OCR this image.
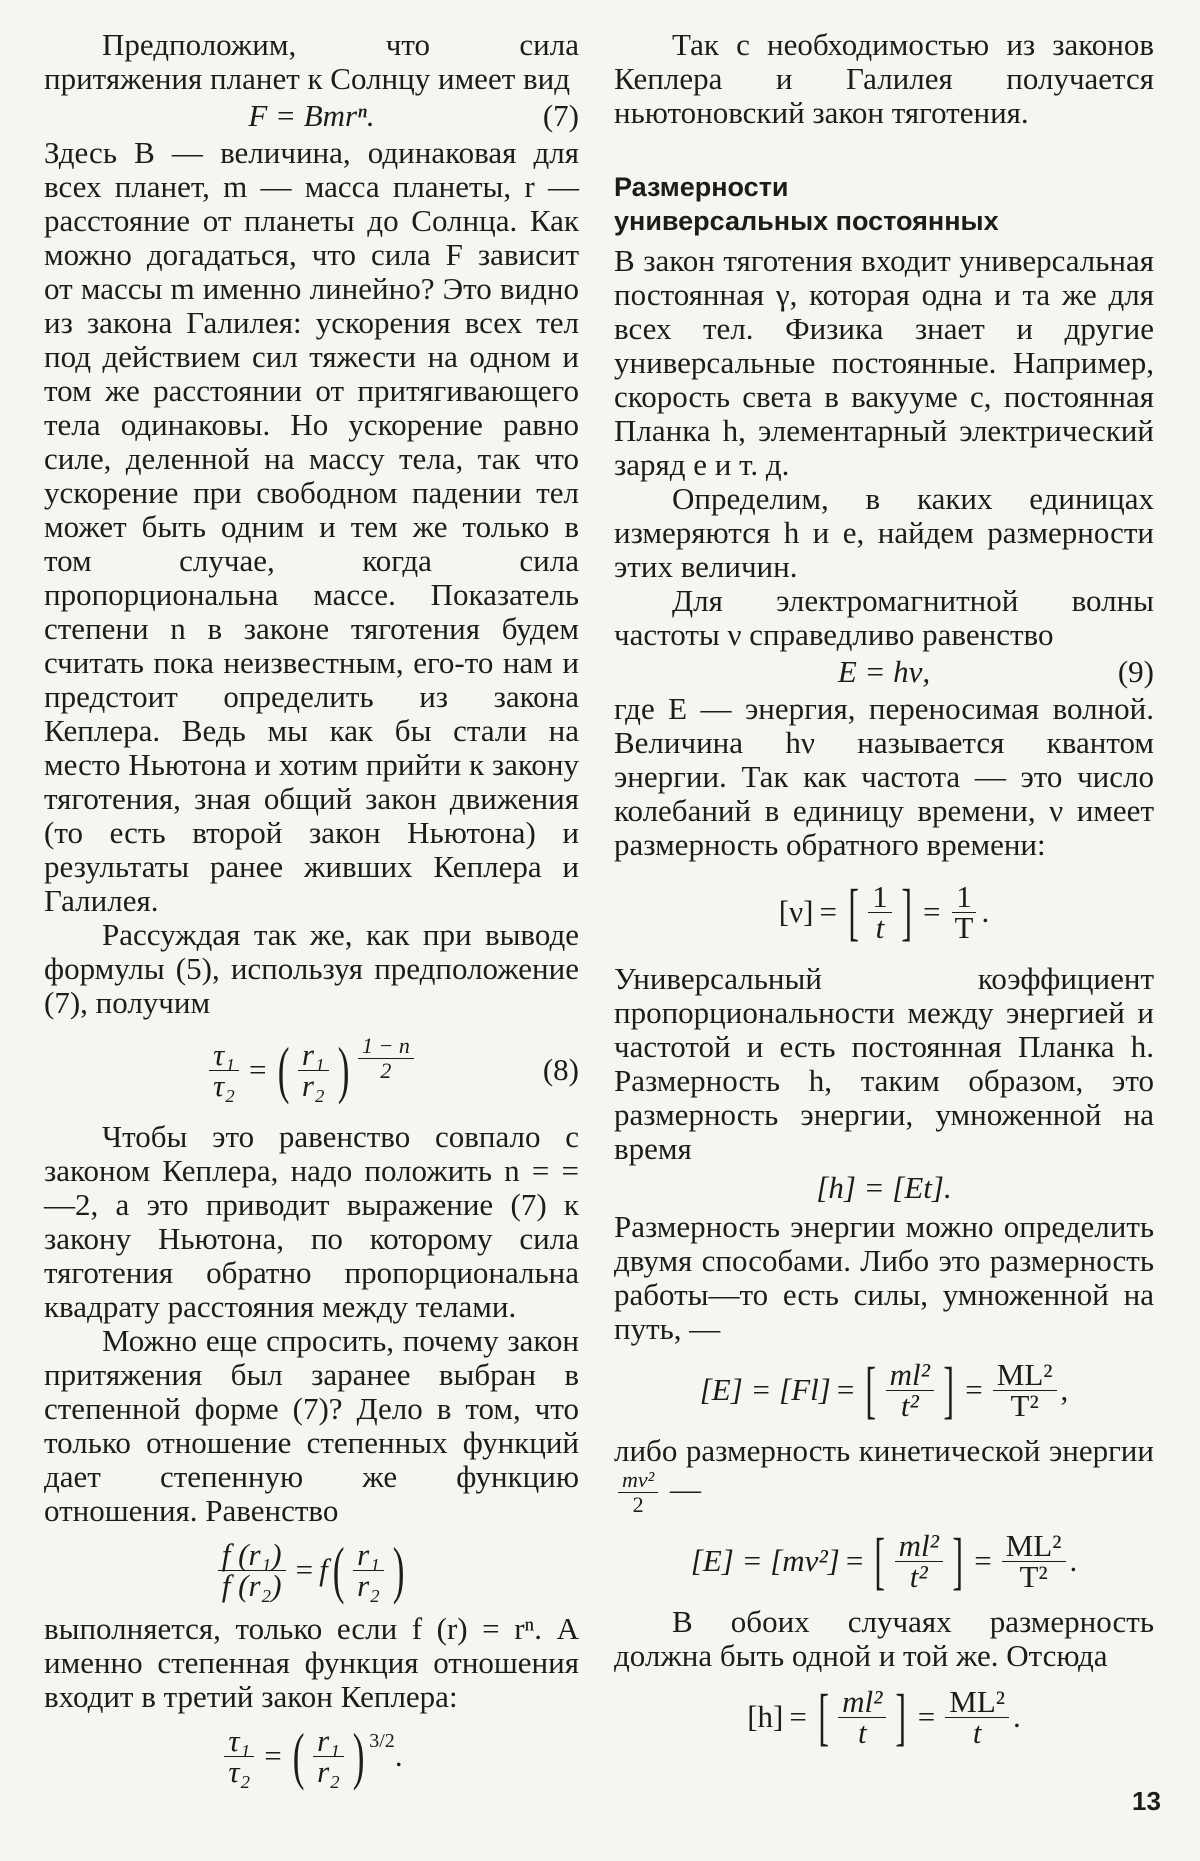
Предположим, что сила притяжения планет к Солнцу имеет вид

F = Bmrⁿ.	(7)

Здесь B — величина, одинаковая для всех планет, m — масса планеты, r — расстояние от планеты до Солнца. Как можно догадаться, что сила F зависит от массы m именно линейно? Это видно из закона Галилея: ускорения всех тел под действием сил тяжести на одном и том же расстоянии от притягивающего тела одинаковы. Но ускорение равно силе, деленной на массу тела, так что ускорение при свободном падении тел может быть одним и тем же только в том случае, когда сила пропорциональна массе. Показатель степени n в законе тяготения будем считать пока неизвестным, его-то нам и предстоит определить из закона Кеплера. Ведь мы как бы стали на место Ньютона и хотим прийти к закону тяготения, зная общий закон движения (то есть второй закон Ньютона) и результаты ранее живших Кеплера и Галилея.

Рассуждая так же, как при выводе формулы (5), используя предположение (7), получим

$\frac{\text{τ₁}}{\text{τ₂}}$ = ( $\frac{\text{r₁}}{\text{r₂}}$ ) $\frac{1 - n}{2}$	(8)

Чтобы это равенство совпало с законом Кеплера, надо положить n = = —2, а это приводит выражение (7) к закону Ньютона, по которому сила тяготения обратно пропорциональна квадрату расстояния между телами.

Можно еще спросить, почему закон притяжения был заранее выбран в степенной форме (7)? Дело в том, что только отношение степенных функций дает степенную же функцию отношения. Равенство

$\frac{\text{f (r₁)}}{\text{f (r₂)}} = f$ ( $\frac{\text{r₁}}{\text{r₂}}$ )

выполняется, только если f (r) = rⁿ. А именно степенная функция отношения входит в третий закон Кеплера:

$\frac{\text{τ₁}}{\text{τ₂}}$ = ( $\frac{\text{r₁}}{\text{r₂}}$ ) 3/2 .

Так с необходимостью из законов Кеплера и Галилея получается ньютоновский закон тяготения.

Размерности
универсальных постоянных

В закон тяготения входит универсальная постоянная γ, которая одна и та же для всех тел. Физика знает и другие универсальные постоянные. Например, скорость света в вакууме c, постоянная Планка h, элементарный электрический заряд e и т. д.

Определим, в каких единицах измеряются h и e, найдем размерности этих величин.

Для электромагнитной волны частоты ν справедливо равенство

E = hν,	(9)

где E — энергия, переносимая волной. Величина hν называется квантом энергии. Так как частота — это число колебаний в единицу времени, ν имеет размерность обратного времени:

[ν] = [ $\frac{1}{t}$ ] = $\frac{1}{T}$ .

Универсальный коэффициент пропорциональности между энергией и частотой и есть постоянная Планка h. Размерность h, таким образом, это размерность энергии, умноженной на время

[h] = [Et].

Размерность энергии можно определить двумя способами. Либо это размерность работы—то есть силы, умноженной на путь, —

[E] = [Fl] = [ $\frac{\text{ml²}}{\text{t²}}$ ] = $\frac{\text{ML²}}{\text{T²}}$ ,

либо размерность кинетической энергии
$\frac{\text{mv²}}{2}$ —

[E] = [mv²] = [ $\frac{\text{ml²}}{\text{t²}}$ ] = $\frac{\text{ML²}}{\text{T²}}$ .

В обоих случаях размерность должна быть одной и той же. Отсюда

[h] = [ $\frac{\text{ml²}}{t}$ ] = $\frac{\text{ML²}}{t}$ .
13
